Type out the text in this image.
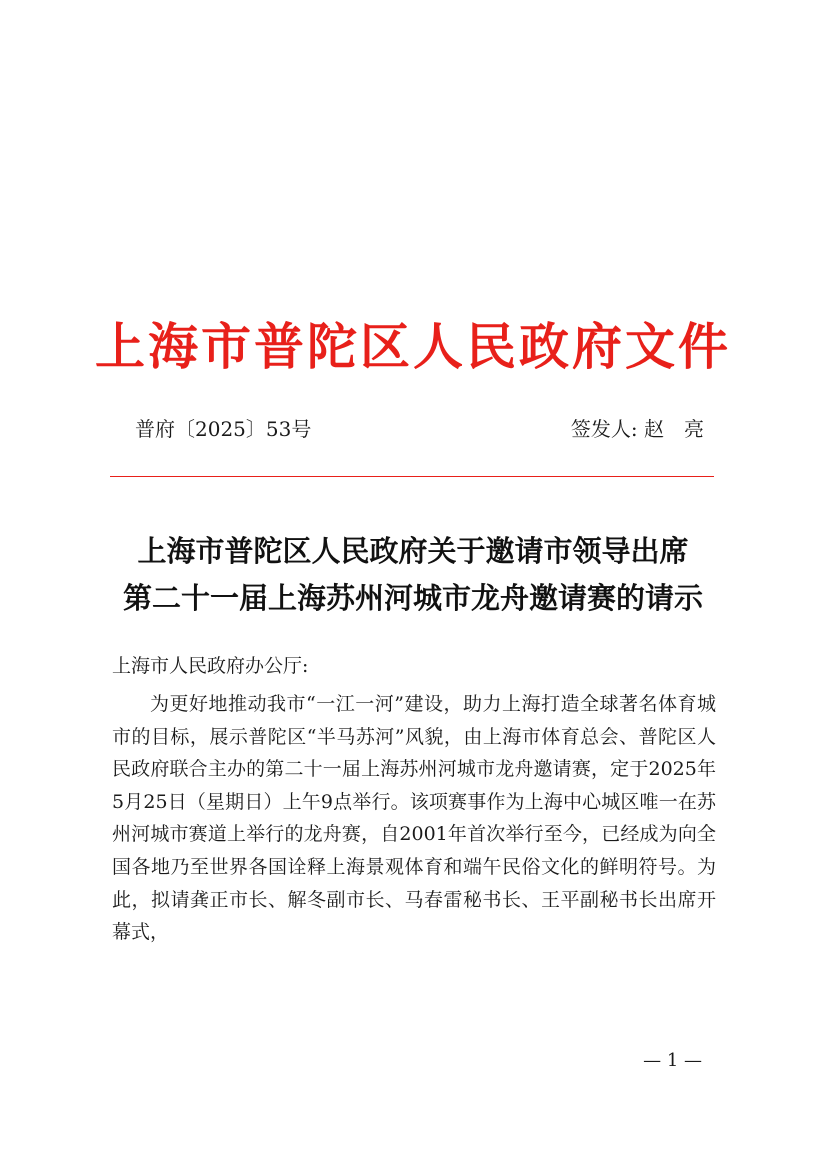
上海市普陀区人民政府文件
普府〔2025〕53号	签发人: 赵亮
上海市普陀区人民政府关于邀请市领导出席
第二十一届上海苏州河城市龙舟邀请赛的请示
上海市人民政府办公厅:

为更好地推动我市“一江一河”建设，助力上海打造全球著名体育城市的目标，展示普陀区“半马苏河”风貌，由上海市体育总会、普陀区人民政府联合主办的第二十一届上海苏州河城市龙舟邀请赛，定于2025年5月25日（星期日）上午9点举行。该项赛事作为上海中心城区唯一在苏州河城市赛道上举行的龙舟赛，自2001年首次举行至今，已经成为向全国各地乃至世界各国诠释上海景观体育和端午民俗文化的鲜明符号。为此，拟请龚正市长、解冬副市长、马春雷秘书长、王平副秘书长出席开幕式，

— 1 —
